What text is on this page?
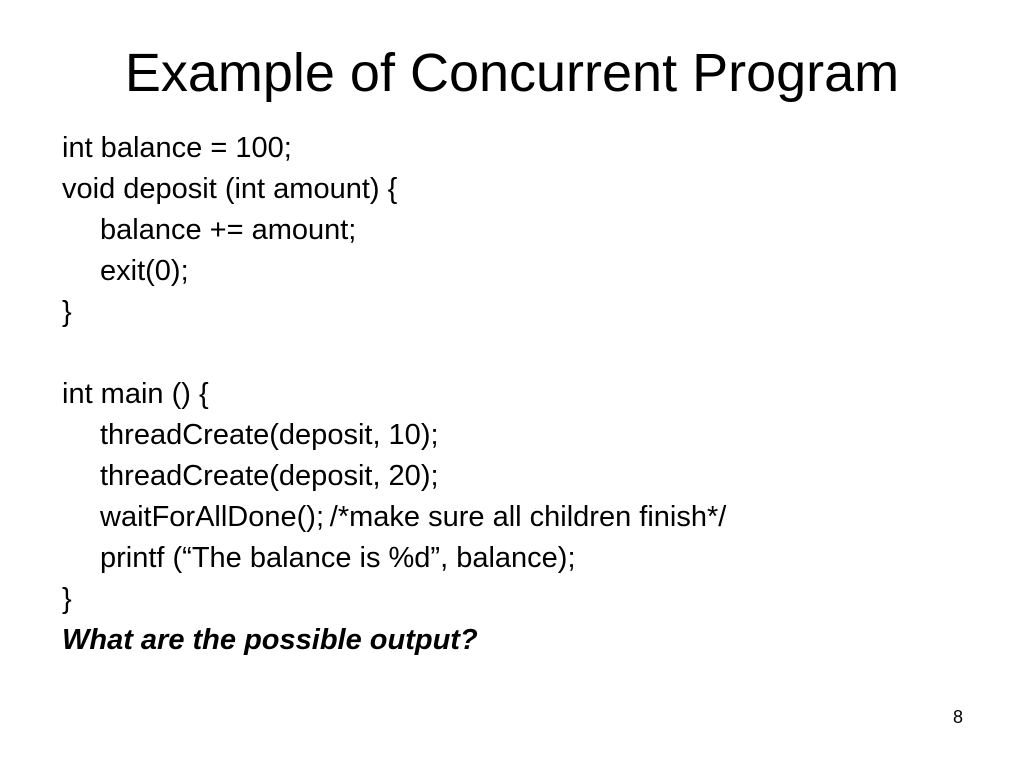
Example of Concurrent Program
int balance = 100;
void deposit (int amount) {
balance += amount;
exit(0);
}
int main () {
threadCreate(deposit, 10);
threadCreate(deposit, 20);
waitForAllDone(); /*make sure all children finish*/
printf (“The balance is %d”, balance);
}
What are the possible output?
8
